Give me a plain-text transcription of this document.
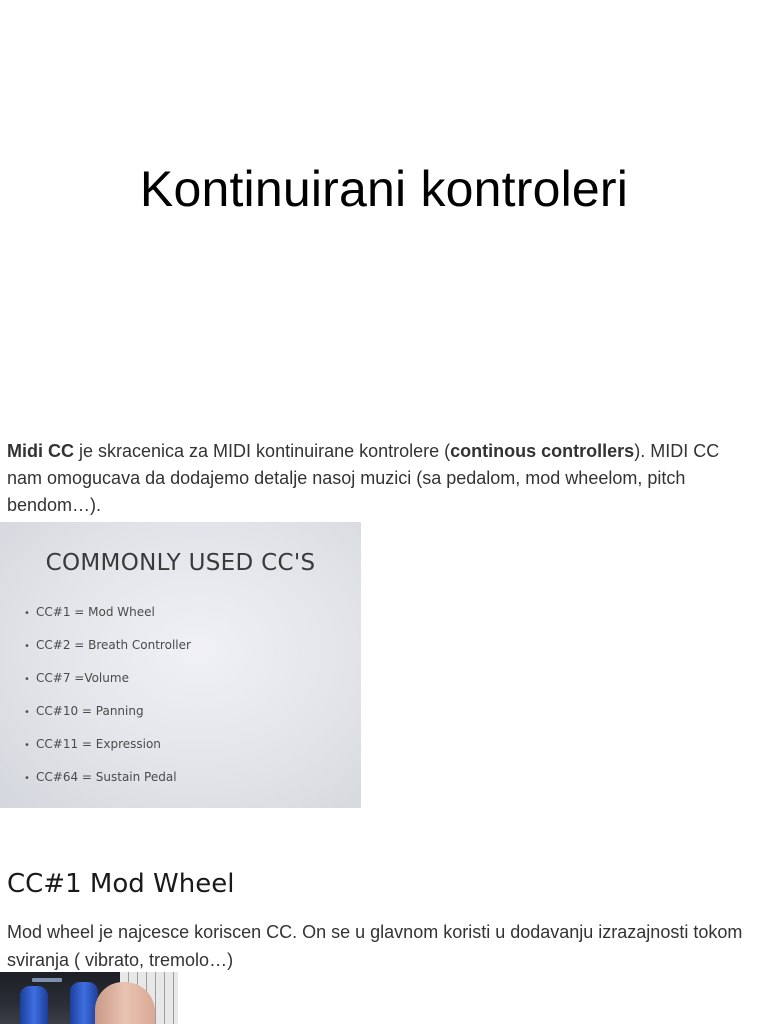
Kontinuirani kontroleri

Midi CC je skracenica za MIDI kontinuirane kontrolere (continous controllers). MIDI CC nam omogucava da dodajemo detalje nasoj muzici (sa pedalom, mod wheelom, pitch bendom…).

COMMONLY USED CC'S
• CC#1 = Mod Wheel
• CC#2 = Breath Controller
• CC#7 =Volume
• CC#10 = Panning
• CC#11 = Expression
• CC#64 = Sustain Pedal
CC#1 Mod Wheel

Mod wheel je najcesce koriscen CC. On se u glavnom koristi u dodavanju izrazajnosti tokom sviranja ( vibrato, tremolo…)
